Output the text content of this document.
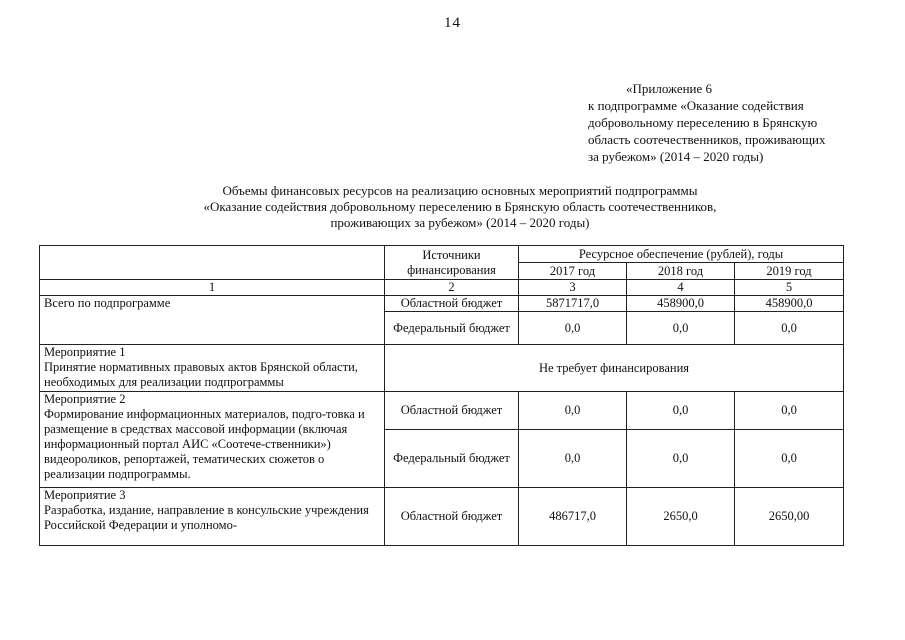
14
«Приложение 6
к подпрограмме «Оказание содействия
добровольному переселению в Брянскую
область соотечественников, проживающих
за рубежом» (2014 – 2020 годы)
Объемы финансовых ресурсов на реализацию основных мероприятий подпрограммы
«Оказание содействия добровольному переселению в Брянскую область соотечественников,
проживающих за рубежом» (2014 – 2020 годы)
	Источники финансирования	Ресурсное обеспечение (рублей), годы		
		2017 год	2018 год	2019 год
1	2	3	4	5
Всего по подпрограмме	Областной бюджет	5871717,0	458900,0	458900,0
	Федеральный бюджет	0,0	0,0	0,0

Мероприятие 1
Принятие нормативных правовых актов Брянской области, необходимых для реализации подпрограммы	Не требует финансирования			

Мероприятие 2
Формирование информационных материалов, подго-товка и размещение в средствах массовой информации (включая информационный портал АИС «Соотече-ственники») видеороликов, репортажей, тематических сюжетов о реализации подпрограммы.	Областной бюджет	0,0	0,0	0,0
	Федеральный бюджет	0,0	0,0	0,0

Мероприятие 3
Разработка, издание, направление в консульские учреждения Российской Федерации и уполномо-	Областной бюджет	486717,0	2650,0	2650,00
